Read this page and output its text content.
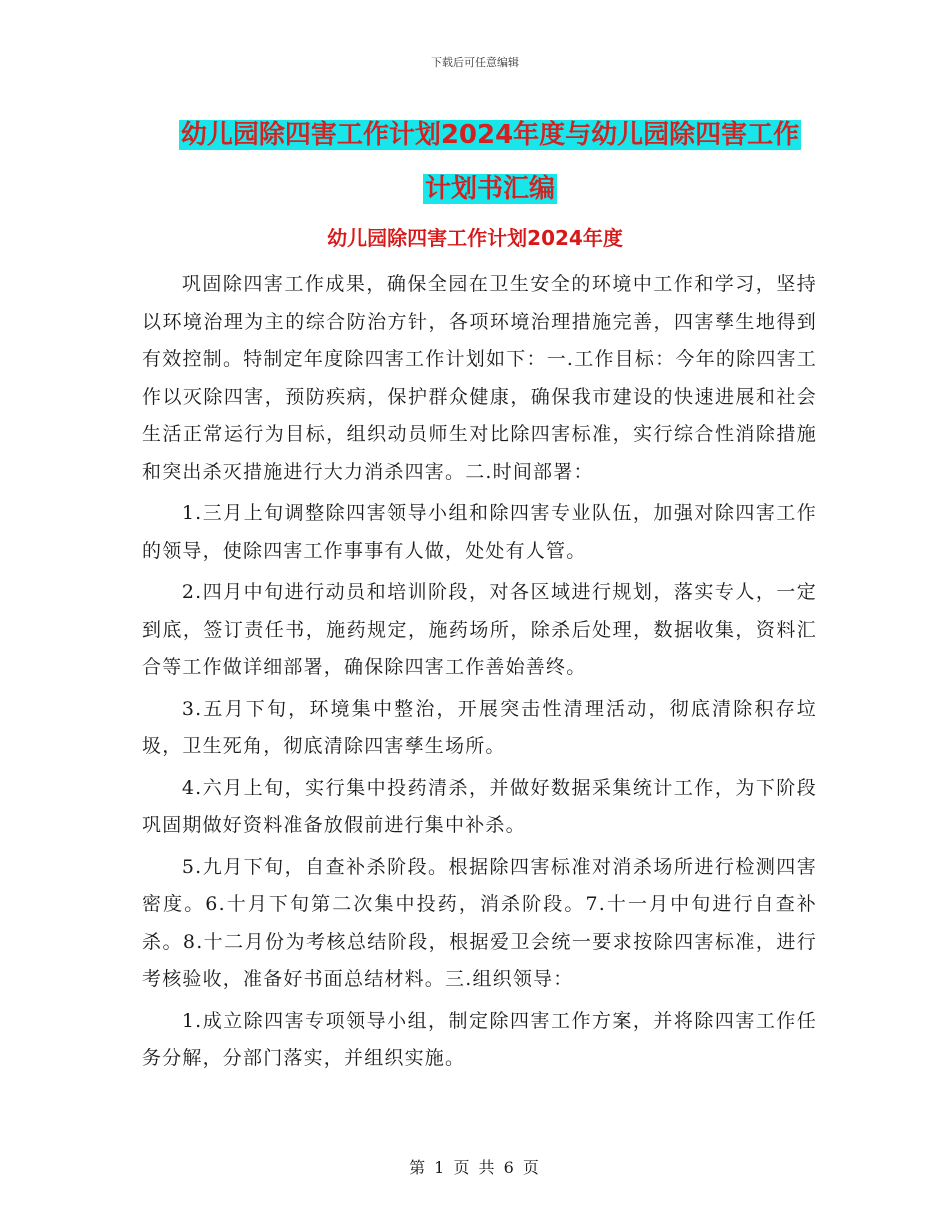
下载后可任意编辑
幼儿园除四害工作计划2024年度与幼儿园除四害工作
计划书汇编
幼儿园除四害工作计划2024年度

巩固除四害工作成果，确保全园在卫生安全的环境中工作和学习，坚持以环境治理为主的综合防治方针，各项环境治理措施完善，四害孳生地得到有效控制。特制定年度除四害工作计划如下：一.工作目标：今年的除四害工作以灭除四害，预防疾病，保护群众健康，确保我市建设的快速进展和社会生活正常运行为目标，组织动员师生对比除四害标准，实行综合性消除措施和突出杀灭措施进行大力消杀四害。二.时间部署：

1.三月上旬调整除四害领导小组和除四害专业队伍，加强对除四害工作的领导，使除四害工作事事有人做，处处有人管。

2.四月中旬进行动员和培训阶段，对各区域进行规划，落实专人，一定到底，签订责任书，施药规定，施药场所，除杀后处理，数据收集，资料汇合等工作做详细部署，确保除四害工作善始善终。

3.五月下旬，环境集中整治，开展突击性清理活动，彻底清除积存垃圾，卫生死角，彻底清除四害孳生场所。

4.六月上旬，实行集中投药清杀，并做好数据采集统计工作，为下阶段巩固期做好资料准备放假前进行集中补杀。

5.九月下旬，自查补杀阶段。根据除四害标准对消杀场所进行检测四害密度。6.十月下旬第二次集中投药，消杀阶段。7.十一月中旬进行自查补杀。8.十二月份为考核总结阶段，根据爱卫会统一要求按除四害标准，进行考核验收，准备好书面总结材料。三.组织领导：

1.成立除四害专项领导小组，制定除四害工作方案，并将除四害工作任务分解，分部门落实，并组织实施。

第 1 页 共 6 页
